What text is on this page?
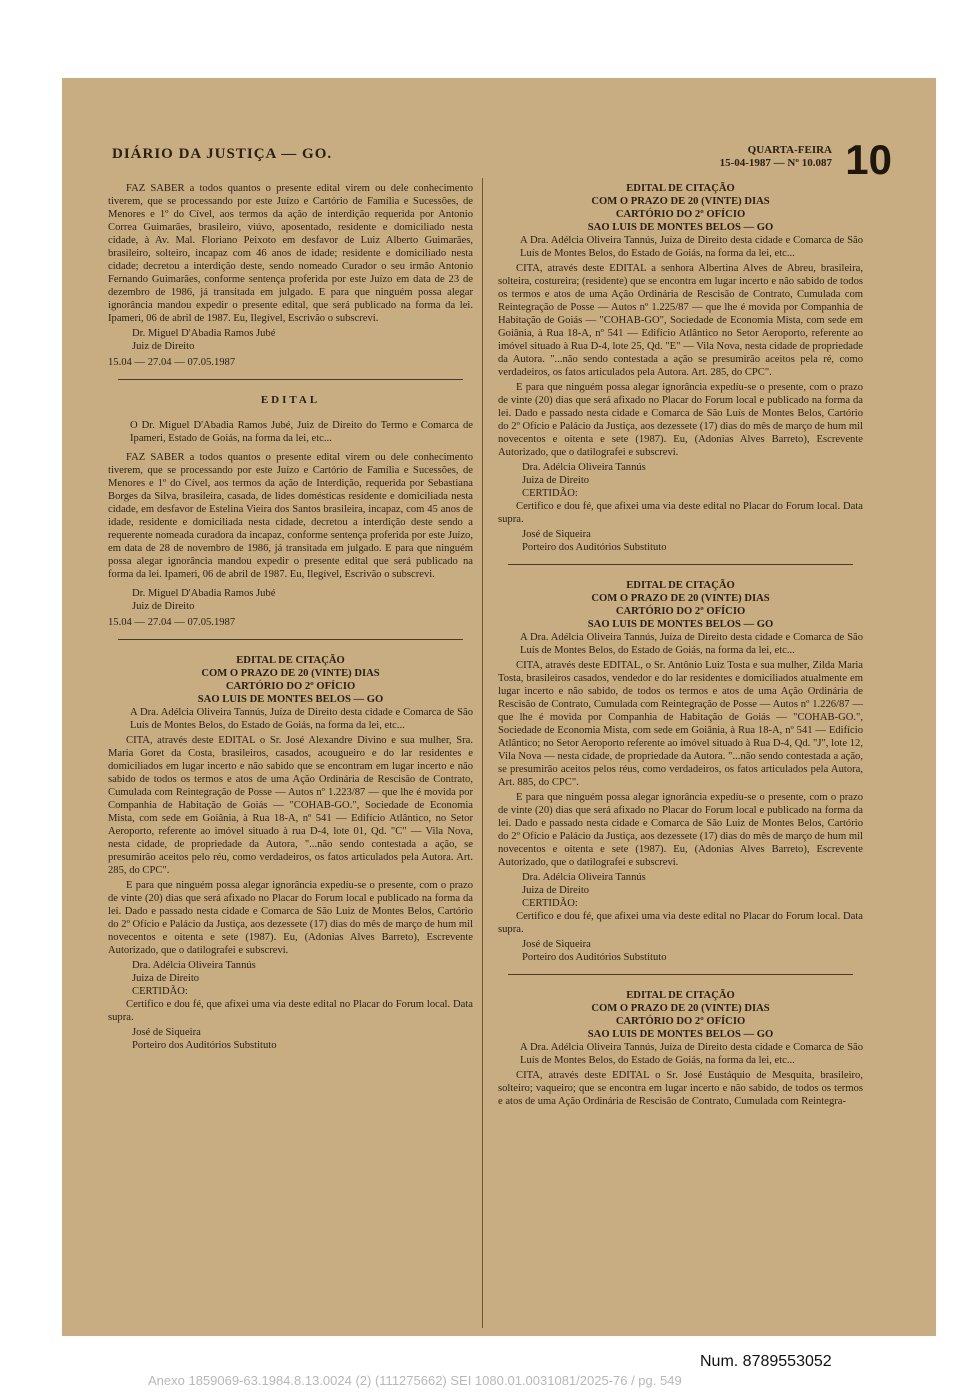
DIÁRIO DA JUSTIÇA — GO.	QUARTA-FEIRA
15-04-1987 — Nº 10.087 10

FAZ SABER a todos quantos o presente edital virem ou dele conhecimento tiverem, que se processando por este Juízo e Cartório de Família e Sucessões, de Menores e 1º do Cível, aos termos da ação de interdição requerida por Antonio Correa Guimarães, brasileiro, viúvo, aposentado, residente e domiciliado nesta cidade, à Av. Mal. Floriano Peixoto em desfavor de Luiz Alberto Guimarães, brasileiro, solteiro, incapaz com 46 anos de idade; residente e domiciliado nesta cidade; decretou a interdição deste, sendo nomeado Curador o seu irmão Antonio Fernando Guimarães, conforme sentença proferida por este Juízo em data de 23 de dezembro de 1986, já transitada em julgado. E para que ninguém possa alegar ignorância mandou expedir o presente edital, que será publicado na forma da lei. Ipameri, 06 de abril de 1987. Eu, Ilegível, Escrivão o subscrevi.

Dr. Miguel D'Abadia Ramos Jubé

Juiz de Direito

15.04 — 27.04 — 07.05.1987

EDITAL

O Dr. Miguel D'Abadia Ramos Jubé, Juiz de Direito do Termo e Comarca de Ipameri, Estado de Goiás, na forma da lei, etc...

FAZ SABER a todos quantos o presente edital virem ou dele conhecimento tiverem, que se processando por este Juízo e Cartório de Família e Sucessões, de Menores e 1º do Cível, aos termos da ação de Interdição, requerida por Sebastiana Borges da Silva, brasileira, casada, de lides domésticas residente e domiciliada nesta cidade, em desfavor de Estelina Vieira dos Santos brasileira, incapaz, com 45 anos de idade, residente e domiciliada nesta cidade, decretou a interdição deste sendo a requerente nomeada curadora da incapaz, conforme sentença proferida por este Juízo, em data de 28 de novembro de 1986, já transitada em julgado. E para que ninguém possa alegar ignorância mandou expedir o presente edital que será publicado na forma da lei. Ipameri, 06 de abril de 1987. Eu, Ilegível, Escrivão o subscrevi.

Dr. Miguel D'Abadia Ramos Jubé

Juiz de Direito

15.04 — 27.04 — 07.05.1987

EDITAL DE CITAÇÃO

COM O PRAZO DE 20 (VINTE) DIAS

CARTÓRIO DO 2º OFÍCIO

SAO LUIS DE MONTES BELOS — GO

A Dra. Adélcia Oliveira Tannús, Juíza de Direito desta cidade e Comarca de São Luís de Montes Belos, do Estado de Goiás, na forma da lei, etc...

CITA, através deste EDITAL o Sr. José Alexandre Divino e sua mulher, Sra. Maria Goret da Costa, brasileiros, casados, acougueiro e do lar residentes e domiciliados em lugar incerto e não sabido que se encontram em lugar incerto e não sabido de todos os termos e atos de uma Ação Ordinária de Rescisão de Contrato, Cumulada com Reintegração de Posse — Autos nº 1.223/87 — que lhe é movida por Companhia de Habitação de Goiás — "COHAB-GO.", Sociedade de Economia Mista, com sede em Goiânia, à Rua 18-A, nº 541 — Edifício Atlântico, no Setor Aeroporto, referente ao imóvel situado à rua D-4, lote 01, Qd. "C" — Vila Nova, nesta cidade, de propriedade da Autora, "...não sendo contestada a ação, se presumirão aceitos pelo réu, como verdadeiros, os fatos articulados pela Autora. Art. 285, do CPC".

E para que ninguém possa alegar ignorância expedíu-se o presente, com o prazo de vinte (20) dias que será afixado no Placar do Forum local e publicado na forma da lei. Dado e passado nesta cidade e Comarca de São Luiz de Montes Belos, Cartório do 2º Ofício e Palácio da Justiça, aos dezessete (17) dias do mês de março de hum mil novecentos e oitenta e sete (1987). Eu, (Adonias Alves Barreto), Escrevente Autorizado, que o datilografei e subscrevi.

Dra. Adélcia Oliveira Tannús

Juiza de Direito

CERTIDÃO:

Certifico e dou fé, que afixei uma via deste edital no Placar do Forum local. Data supra.

José de Siqueira

Porteiro dos Auditórios Substituto

EDITAL DE CITAÇÃO

COM O PRAZO DE 20 (VINTE) DIAS

CARTÓRIO DO 2º OFÍCIO

SAO LUIS DE MONTES BELOS — GO

A Dra. Adélcia Oliveira Tannús, Juíza de Direito desta cidade e Comarca de São Luís de Montes Belos, do Estado de Goiás, na forma da lei, etc...

CITA, através deste EDITAL a senhora Albertina Alves de Abreu, brasileira, solteira, costureira; (residente) que se encontra em lugar incerto e não sabido de todos os termos e atos de uma Ação Ordinária de Rescisão de Contrato, Cumulada com Reintegração de Posse — Autos nº 1.225/87 — que lhe é movida por Companhia de Habitação de Goiás — "COHAB-GO", Sociedade de Economia Mista, com sede em Goiânia, à Rua 18-A, nº 541 — Edifício Atlântico no Setor Aeroporto, referente ao imóvel situado à Rua D-4, lote 25, Qd. "E" — Vila Nova, nesta cidade de propriedade da Autora. "...não sendo contestada a ação se presumirão aceitos pela ré, como verdadeiros, os fatos articulados pela Autora. Art. 285, do CPC".

E para que ninguém possa alegar ignorância expedíu-se o presente, com o prazo de vinte (20) dias que será afixado no Placar do Forum local e publicado na forma da lei. Dado e passado nesta cidade e Comarca de São Luís de Montes Belos, Cartório do 2º Ofício e Palácio da Justiça, aos dezessete (17) dias do mês de março de hum mil novecentos e oitenta e sete (1987). Eu, (Adonias Alves Barreto), Escrevente Autorizado, que o datilografei e subscrevi.

Dra. Adélcia Oliveira Tannús

Juiza de Direito

CERTIDÃO:

Certifico e dou fé, que afixei uma via deste edital no Placar do Forum local. Data supra.

José de Siqueira

Porteiro dos Auditórios Substituto

EDITAL DE CITAÇÃO

COM O PRAZO DE 20 (VINTE) DIAS

CARTÓRIO DO 2º OFÍCIO

SAO LUIS DE MONTES BELOS — GO

A Dra. Adélcia Oliveira Tannús, Juíza de Direito desta cidade e Comarca de São Luís de Montes Belos, do Estado de Goiás, na forma da lei, etc...

CITA, através deste EDITAL, o Sr. Antônio Luiz Tosta e sua mulher, Zilda Maria Tosta, brasileiros casados, vendedor e do lar residentes e domiciliados atualmente em lugar incerto e não sabido, de todos os termos e atos de uma Ação Ordinária de Rescisão de Contrato, Cumulada com Reintegração de Posse — Autos nº 1.226/87 — que lhe é movida por Companhia de Habitação de Goiás — "COHAB-GO.", Sociedade de Economia Mista, com sede em Goiânia, à Rua 18-A, nº 541 — Edifício Atlântico; no Setor Aeroporto referente ao imóvel situado à Rua D-4, Qd. "J", lote 12, Vila Nova — nesta cidade, de propriedade da Autora. "...não sendo contestada a ação, se presumirão aceitos pelos réus, como verdadeiros, os fatos articulados pela Autora, Art. 885, do CPC".

E para que ninguém possa alegar ignorância expedíu-se o presente, com o prazo de vinte (20) dias que será afixado no Placar do Forum local e publicado na forma da lei. Dado e passado nesta cidade e Comarca de São Luiz de Montes Belos, Cartório do 2º Ofício e Palácio da Justiça, aos dezessete (17) dias do mês de março de hum mil novecentos e oitenta e sete (1987). Eu, (Adonias Alves Barreto), Escrevente Autorizado, que o datilografei e subscrevi.

Dra. Adélcia Oliveira Tannús

Juiza de Direito

CERTIDÃO:

Certifico e dou fé, que afixei uma via deste edital no Placar do Forum local. Data supra.

José de Siqueira

Porteiro dos Auditórios Substituto

EDITAL DE CITAÇÃO

COM O PRAZO DE 20 (VINTE) DIAS

CARTÓRIO DO 2º OFÍCIO

SAO LUIS DE MONTES BELOS — GO

A Dra. Adélcia Oliveira Tannús, Juíza de Direito desta cidade e Comarca de São Luís de Montes Belos, do Estado de Goiás, na forma da lei, etc...

CITA, através deste EDITAL o Sr. José Eustáquio de Mesquita, brasileiro, solteiro; vaqueiro; que se encontra em lugar incerto e não sabido, de todos os termos e atos de uma Ação Ordinária de Rescisão de Contrato, Cumulada com Reintegra-

Num. 8789553052
Anexo 1859069-63.1984.8.13.0024 (2) (111275662) SEI 1080.01.0031081/2025-76 / pg. 549
